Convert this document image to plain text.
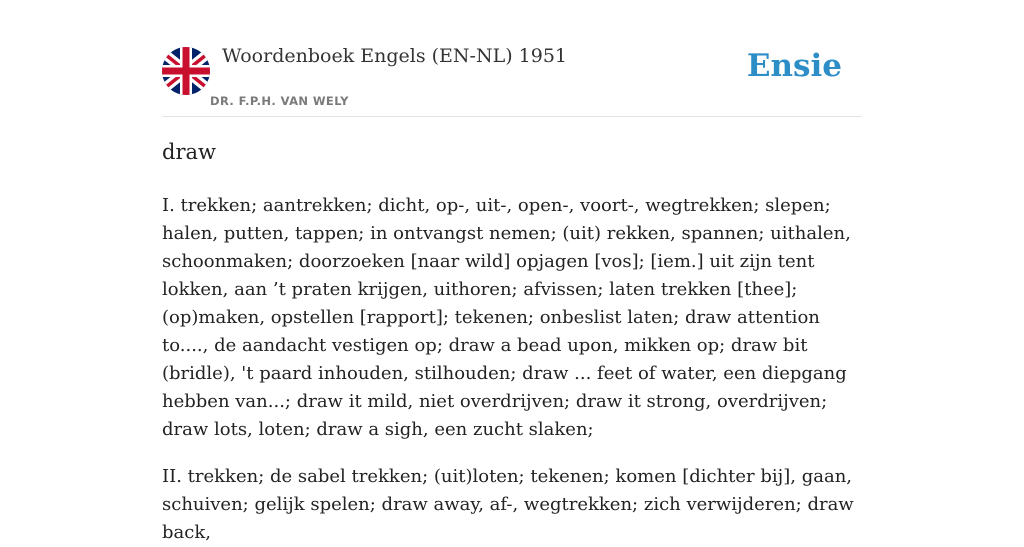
Woordenboek Engels (EN-NL) 1951
DR. F.P.H. VAN WELY
Ensie
draw

I. trekken; aantrekken; dicht, op-, uit-, open-, voort-, wegtrekken; slepen; halen, putten, tappen; in ontvangst nemen; (uit) rekken, spannen; uithalen, schoonmaken; doorzoeken [naar wild] opjagen [vos]; [iem.] uit zijn tent lokken, aan ’t praten krijgen, uithoren; afvissen; laten trekken [thee]; (op)maken, opstellen [rapport]; tekenen; onbeslist laten; draw attention to...., de aandacht vestigen op; draw a bead upon, mikken op; draw bit (bridle), 't paard inhouden, stilhouden; draw ... feet of water, een diepgang hebben van...; draw it mild, niet overdrijven; draw it strong, overdrijven; draw lots, loten; draw a sigh, een zucht slaken;

II. trekken; de sabel trekken; (uit)loten; tekenen; komen [dichter bij], gaan, schuiven; gelijk spelen; draw away, af-, wegtrekken; zich verwijderen; draw back,
